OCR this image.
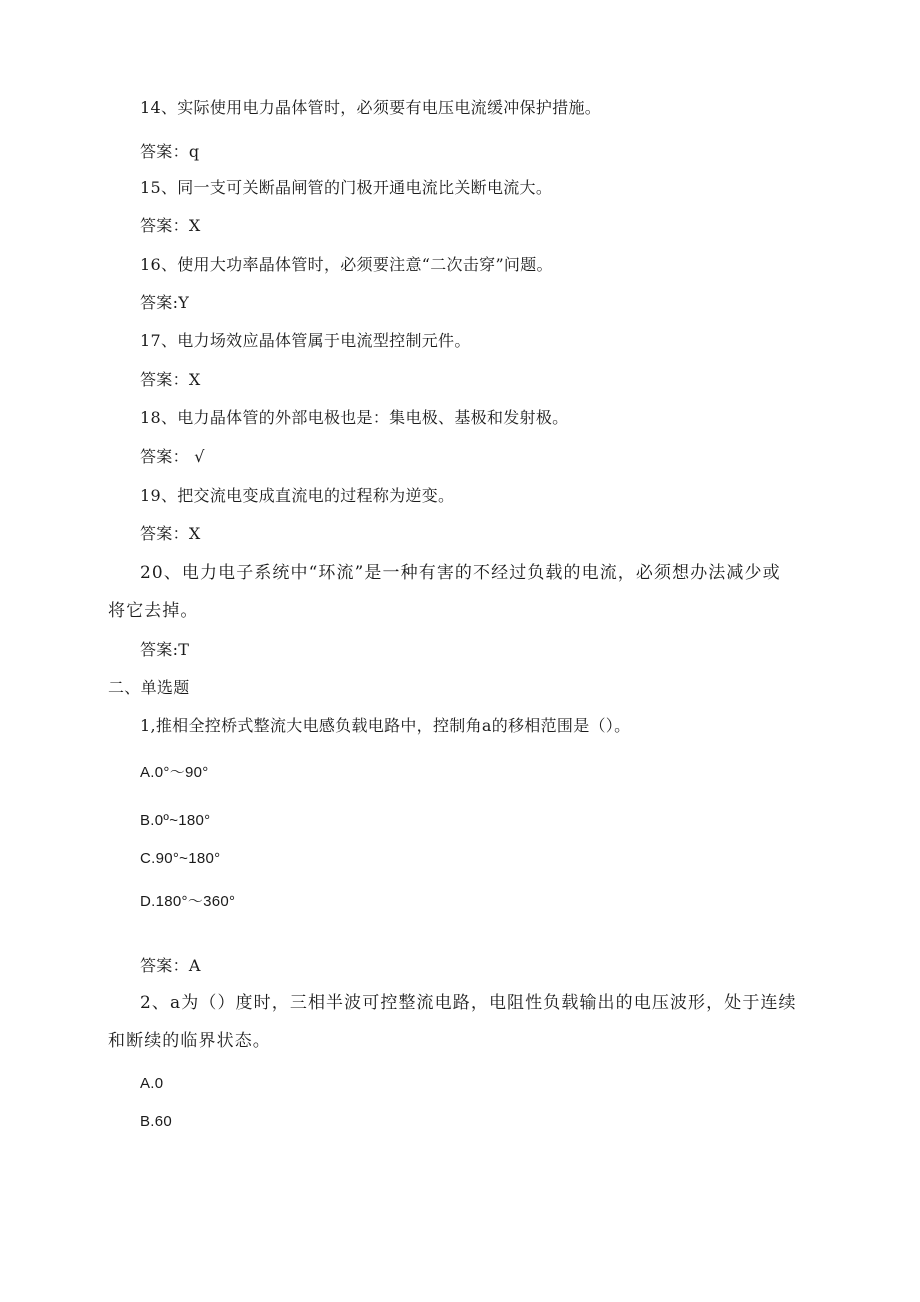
14、实际使用电力晶体管时，必须要有电压电流缓冲保护措施。
答案：q
15、同一支可关断晶闸管的门极开通电流比关断电流大。
答案：X
16、使用大功率晶体管时，必须要注意“二次击穿”问题。
答案:Y
17、电力场效应晶体管属于电流型控制元件。
答案：X
18、电力晶体管的外部电极也是：集电极、基极和发射极。
答案： √
19、把交流电变成直流电的过程称为逆变。
答案：X
20、电力电子系统中“环流”是一种有害的不经过负载的电流，必须想办法减少或
将它去掉。
答案:T
二、单选题
1,推相全控桥式整流大电感负载电路中，控制角a的移相范围是（）。
A.0°～90°
B.0º~180°
C.90°~180°
D.180°～360°
答案：A
2、a为（）度时，三相半波可控整流电路，电阻性负载输出的电压波形，处于连续
和断续的临界状态。
A.0
B.60
